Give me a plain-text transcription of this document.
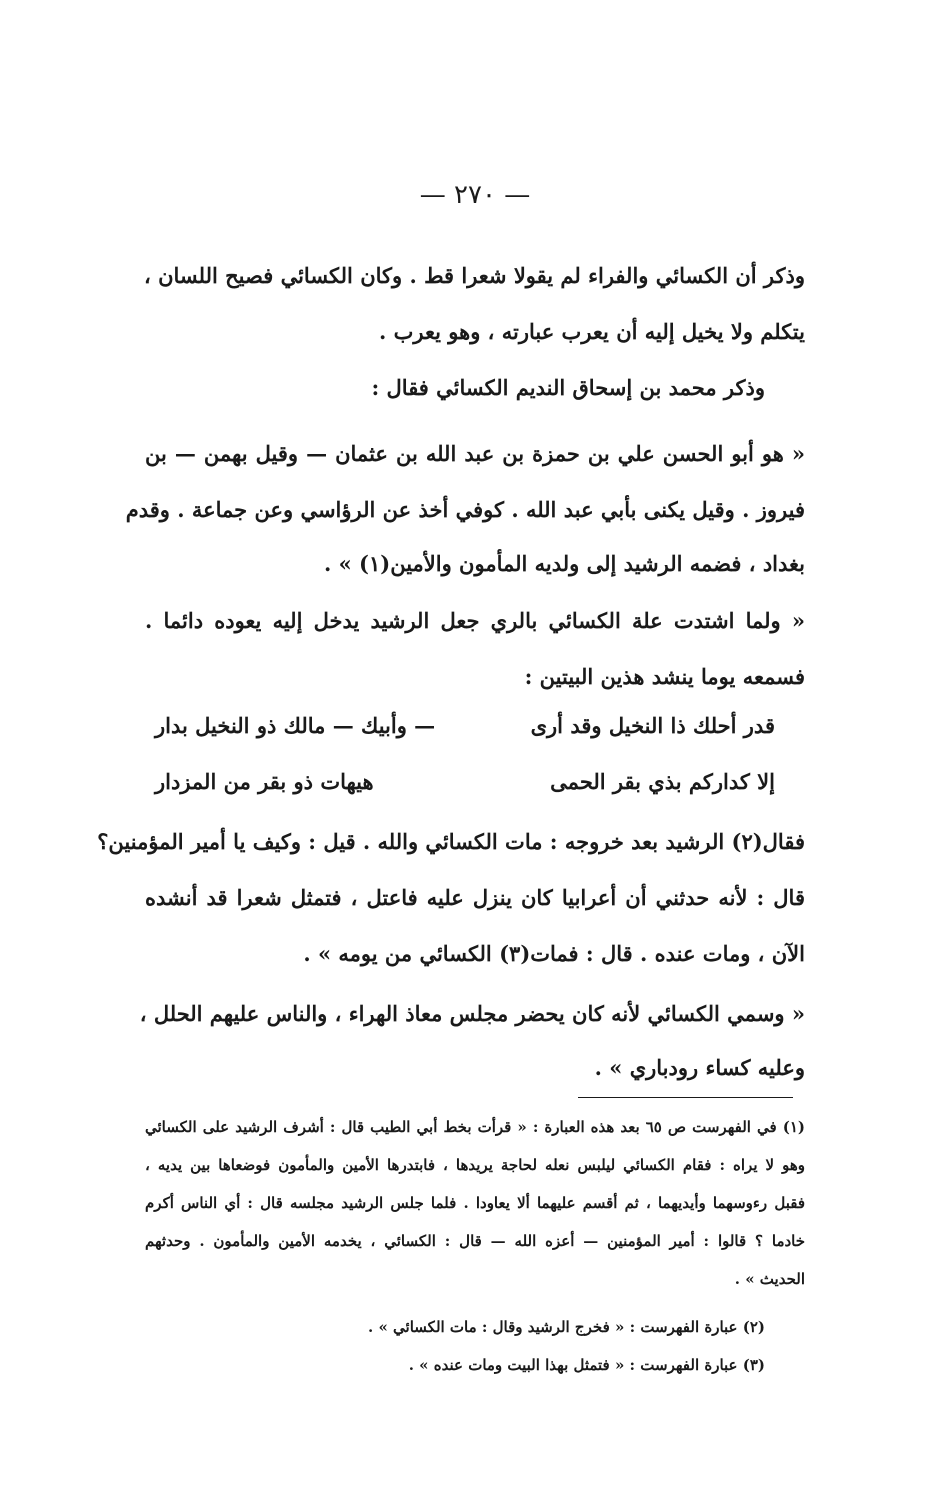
— ٢٧٠ —
وذكر أن الكسائي والفراء لم يقولا شعرا قط . وكان الكسائي فصيح اللسان ،
يتكلم ولا يخيل إليه أن يعرب عبارته ، وهو يعرب .
وذكر محمد بن إسحاق النديم الكسائي فقال :
« هو أبو الحسن علي بن حمزة بن عبد الله بن عثمان — وقيل بهمن — بن
فيروز . وقيل يكنى بأبي عبد الله . كوفي أخذ عن الرؤاسي وعن جماعة . وقدم
بغداد ، فضمه الرشيد إلى ولديه المأمون والأمين(١) » .
« ولما اشتدت علة الكسائي بالري جعل الرشيد يدخل إليه يعوده دائما .
فسمعه يوما ينشد هذين البيتين :
قدر أحلك ذا النخيل وقد أرى
— وأبيك — مالك ذو النخيل بدار
إلا كداركم بذي بقر الحمى
هيهات ذو بقر من المزدار
فقال(٢) الرشيد بعد خروجه : مات الكسائي والله . قيل : وكيف يا أمير المؤمنين؟
قال : لأنه حدثني أن أعرابيا كان ينزل عليه فاعتل ، فتمثل شعرا قد أنشده
الآن ، ومات عنده . قال : فمات(٣) الكسائي من يومه » .
« وسمي الكسائي لأنه كان يحضر مجلس معاذ الهراء ، والناس عليهم الحلل ،
وعليه كساء رودباري » .
(١) في الفهرست ص ٦٥ بعد هذه العبارة : « قرأت بخط أبي الطيب قال : أشرف الرشيد على الكسائي
وهو لا يراه : فقام الكسائي ليلبس نعله لحاجة يريدها ، فابتدرها الأمين والمأمون فوضعاها بين يديه ،
فقبل رءوسهما وأيديهما ، ثم أقسم عليهما ألا يعاودا . فلما جلس الرشيد مجلسه قال : أي الناس أكرم
خادما ؟ قالوا : أمير المؤمنين — أعزه الله — قال : الكسائي ، يخدمه الأمين والمأمون . وحدثهم
الحديث » .
(٢) عبارة الفهرست : « فخرج الرشيد وقال : مات الكسائي » .
(٣) عبارة الفهرست : « فتمثل بهذا البيت ومات عنده » .
